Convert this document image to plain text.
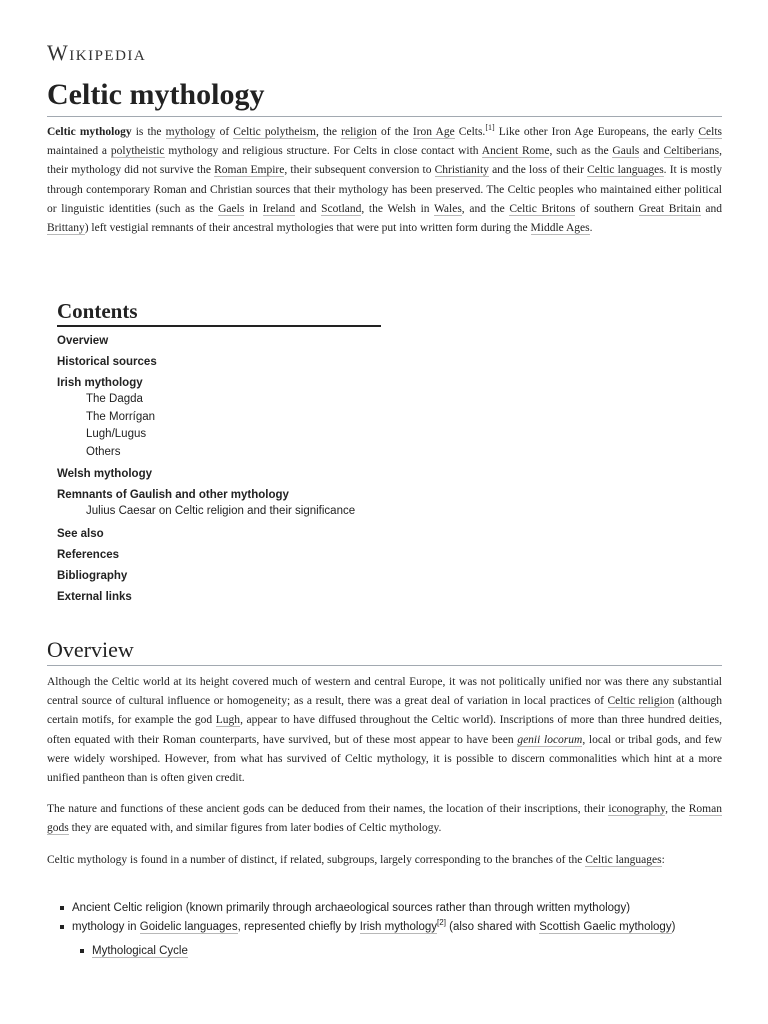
Wikipedia
Celtic mythology

Celtic mythology is the mythology of Celtic polytheism, the religion of the Iron Age Celts.[1] Like other Iron Age Europeans, the early Celts maintained a polytheistic mythology and religious structure. For Celts in close contact with Ancient Rome, such as the Gauls and Celtiberians, their mythology did not survive the Roman Empire, their subsequent conversion to Christianity and the loss of their Celtic languages. It is mostly through contemporary Roman and Christian sources that their mythology has been preserved. The Celtic peoples who maintained either political or linguistic identities (such as the Gaels in Ireland and Scotland, the Welsh in Wales, and the Celtic Britons of southern Great Britain and Brittany) left vestigial remnants of their ancestral mythologies that were put into written form during the Middle Ages.

Contents
Overview
Historical sources
Irish mythology
The Dagda
The Morrígan
Lugh/Lugus
Others
Welsh mythology
Remnants of Gaulish and other mythology
Julius Caesar on Celtic religion and their significance
See also
References
Bibliography
External links
Overview

Although the Celtic world at its height covered much of western and central Europe, it was not politically unified nor was there any substantial central source of cultural influence or homogeneity; as a result, there was a great deal of variation in local practices of Celtic religion (although certain motifs, for example the god Lugh, appear to have diffused throughout the Celtic world). Inscriptions of more than three hundred deities, often equated with their Roman counterparts, have survived, but of these most appear to have been genii locorum, local or tribal gods, and few were widely worshiped. However, from what has survived of Celtic mythology, it is possible to discern commonalities which hint at a more unified pantheon than is often given credit.

The nature and functions of these ancient gods can be deduced from their names, the location of their inscriptions, their iconography, the Roman gods they are equated with, and similar figures from later bodies of Celtic mythology.

Celtic mythology is found in a number of distinct, if related, subgroups, largely corresponding to the branches of the Celtic languages:

Ancient Celtic religion (known primarily through archaeological sources rather than through written mythology)
mythology in Goidelic languages, represented chiefly by Irish mythology[2] (also shared with Scottish Gaelic mythology)
Mythological Cycle
